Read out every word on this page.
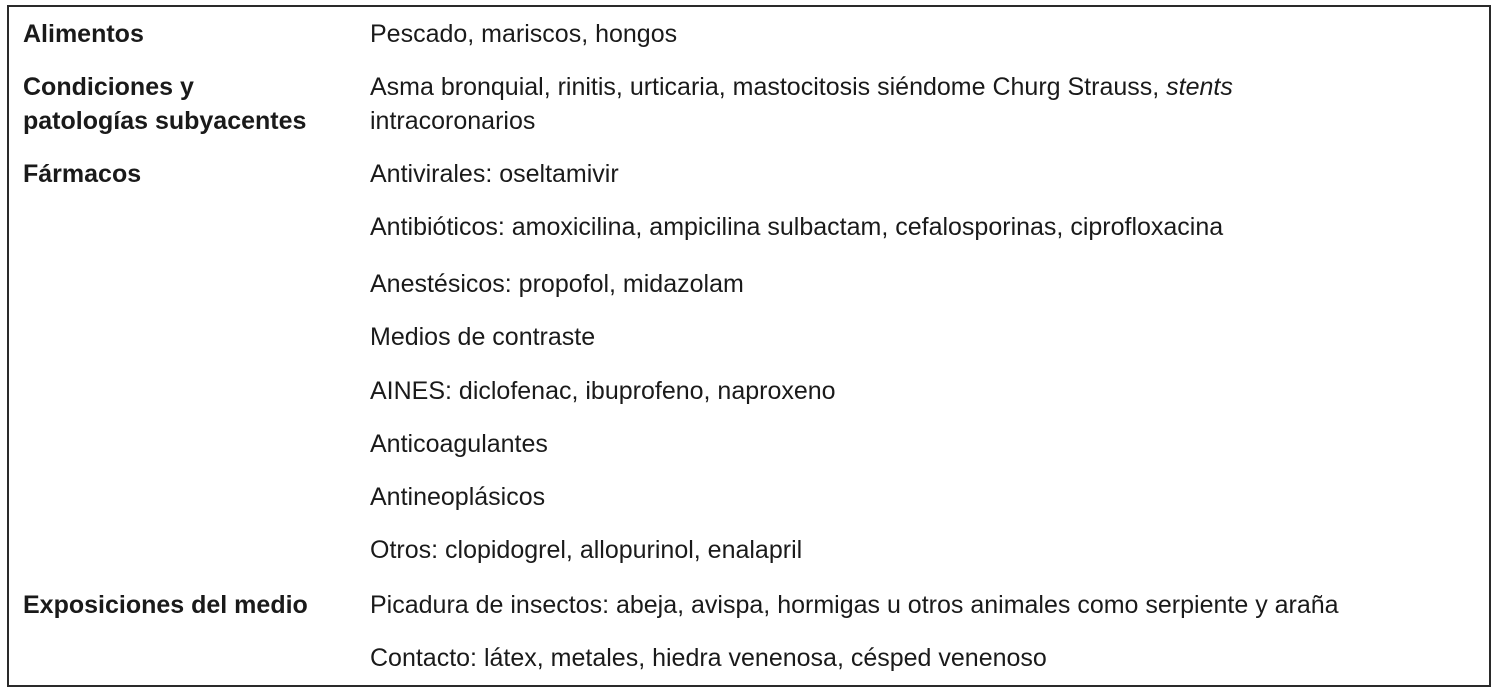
Alimentos	Pescado, mariscos, hongos
Condiciones y
patologías subyacentes
Asma bronquial, rinitis, urticaria, mastocitosis siéndome Churg Strauss, stents
intracoronarios
Fármacos	Antivirales: oseltamivir
Antibióticos: amoxicilina, ampicilina sulbactam, cefalosporinas, ciprofloxacina
Anestésicos: propofol, midazolam
Medios de contraste
AINES: diclofenac, ibuprofeno, naproxeno
Anticoagulantes
Antineoplásicos
Otros: clopidogrel, allopurinol, enalapril
Exposiciones del medio Picadura de insectos: abeja, avispa, hormigas u otros animales como serpiente y araña
Contacto: látex, metales, hiedra venenosa, césped venenoso
